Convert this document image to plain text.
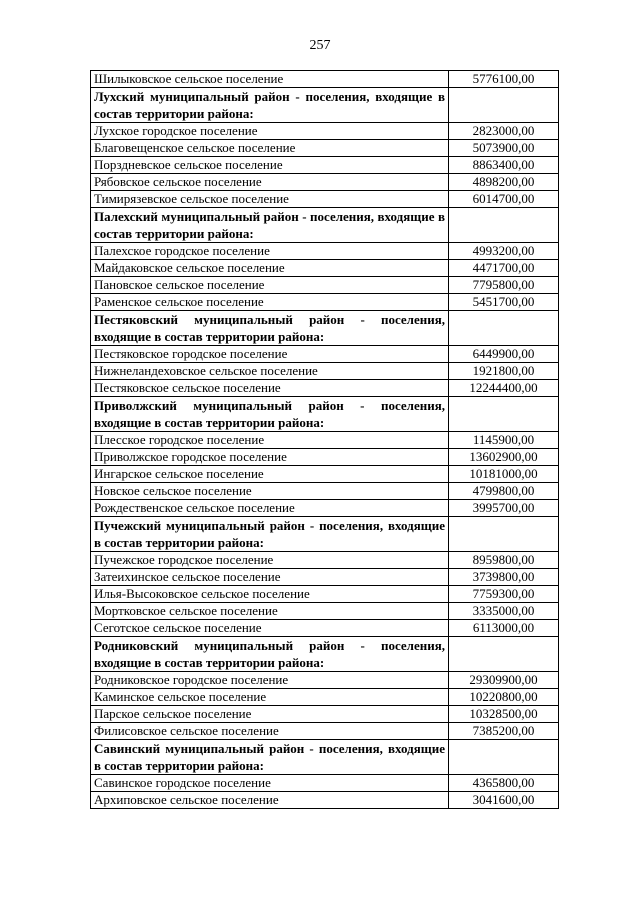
257
Шилыковское сельское поселение	5776100,00
Лухский муниципальный район - поселения, входящие в состав территории района:	
Лухское городское поселение	2823000,00
Благовещенское сельское поселение	5073900,00
Порздневское сельское поселение	8863400,00
Рябовское сельское поселение	4898200,00
Тимирязевское сельское поселение	6014700,00
Палехский муниципальный район - поселения, входящие в состав территории района:	
Палехское городское поселение	4993200,00
Майдаковское сельское поселение	4471700,00
Пановское сельское поселение	7795800,00
Раменское сельское поселение	5451700,00
Пестяковский муниципальный район - поселения, входящие в состав территории района:	
Пестяковское городское поселение	6449900,00
Нижнеландеховское сельское поселение	1921800,00
Пестяковское сельское поселение	12244400,00
Приволжский муниципальный район - поселения, входящие в состав территории района:	
Плесское городское поселение	1145900,00
Приволжское городское поселение	13602900,00
Ингарское сельское поселение	10181000,00
Новское сельское поселение	4799800,00
Рождественское сельское поселение	3995700,00
Пучежский муниципальный район - поселения, входящие в состав территории района:	
Пучежское городское поселение	8959800,00
Затеихинское сельское поселение	3739800,00
Илья-Высоковское сельское поселение	7759300,00
Мортковское сельское поселение	3335000,00
Сеготское сельское поселение	6113000,00
Родниковский муниципальный район - поселения, входящие в состав территории района:	
Родниковское городское поселение	29309900,00
Каминское сельское поселение	10220800,00
Парское сельское поселение	10328500,00
Филисовское сельское поселение	7385200,00
Савинский муниципальный район - поселения, входящие в состав территории района:	
Савинское городское поселение	4365800,00
Архиповское сельское поселение	3041600,00
